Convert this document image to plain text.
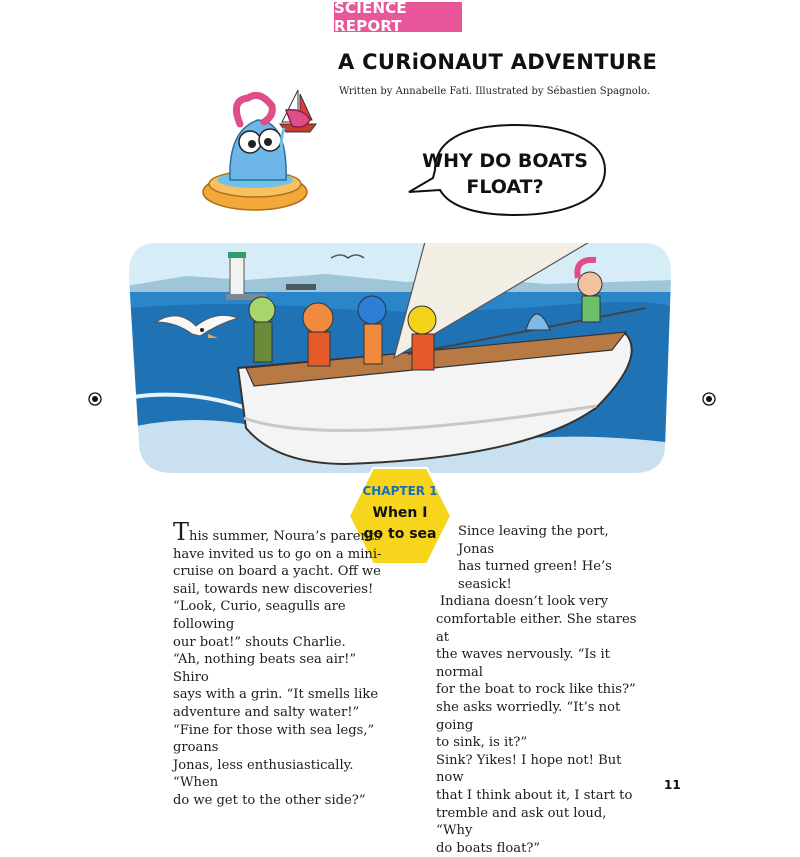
SCIENCE REPORT
A CURiONAUT ADVENTURE
Written by Annabelle Fati. Illustrated by Sébastien Spagnolo.
WHY DO BOATS
FLOAT?
CHAPTER 1
When I
go to sea

This summer, Noura’s parents

have invited us to go on a mini-

cruise on board a yacht. Off we

sail, towards new discoveries!

“Look, Curio, seagulls are following

our boat!” shouts Charlie.

“Ah, nothing beats sea air!” Shiro

says with a grin. “It smells like

adventure and salty water!”

“Fine for those with sea legs,” groans

Jonas, less enthusiastically. “When

do we get to the other side?”

Since leaving the port, Jonas

has turned green! He’s seasick!

Indiana doesn’t look very

comfortable either. She stares at

the waves nervously. “Is it normal

for the boat to rock like this?”

she asks worriedly. “It’s not going

to sink, is it?”

Sink? Yikes! I hope not! But now

that I think about it, I start to

tremble and ask out loud, “Why

do boats float?”

11
